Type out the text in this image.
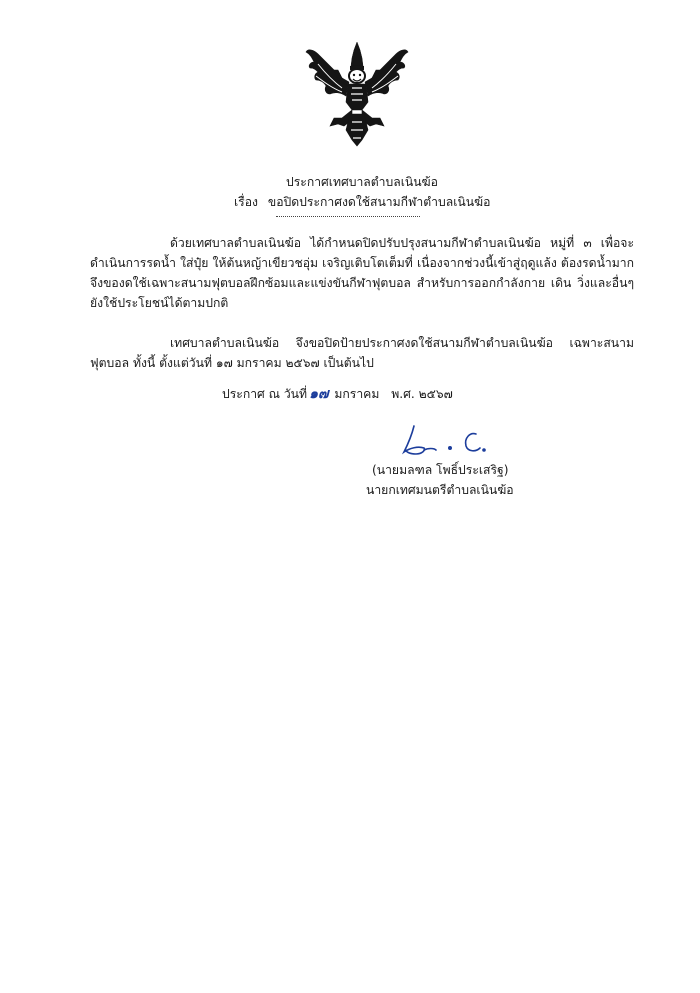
ประกาศเทศบาลตำบลเนินฆ้อ
เรื่อง ขอปิดประกาศงดใช้สนามกีฬาตำบลเนินฆ้อ
ด้วยเทศบาลตำบลเนินฆ้อ ได้กำหนดปิดปรับปรุงสนามกีฬาตำบลเนินฆ้อ หมู่ที่ ๓ เพื่อจะดำเนินการรดน้ำ ใส่ปุ๋ย ให้ต้นหญ้าเขียวชอุ่ม เจริญเติบโตเต็มที่ เนื่องจากช่วงนี้เข้าสู่ฤดูแล้ง ต้องรดน้ำมาก จึงของดใช้เฉพาะสนามฟุตบอลฝึกซ้อมและแข่งขันกีฬาฟุตบอล สำหรับการออกกำลังกาย เดิน วิ่งและอื่นๆ ยังใช้ประโยชน์ได้ตามปกติ
เทศบาลตำบลเนินฆ้อ จึงขอปิดป้ายประกาศงดใช้สนามกีฬาตำบลเนินฆ้อ เฉพาะสนามฟุตบอล ทั้งนี้ ตั้งแต่วันที่ ๑๗ มกราคม ๒๕๖๗ เป็นต้นไป
ประกาศ ณ วันที่ ๑๗ มกราคม พ.ศ. ๒๕๖๗
(นายมลฑล โพธิ์ประเสริฐ)
นายกเทศมนตรีตำบลเนินฆ้อ
